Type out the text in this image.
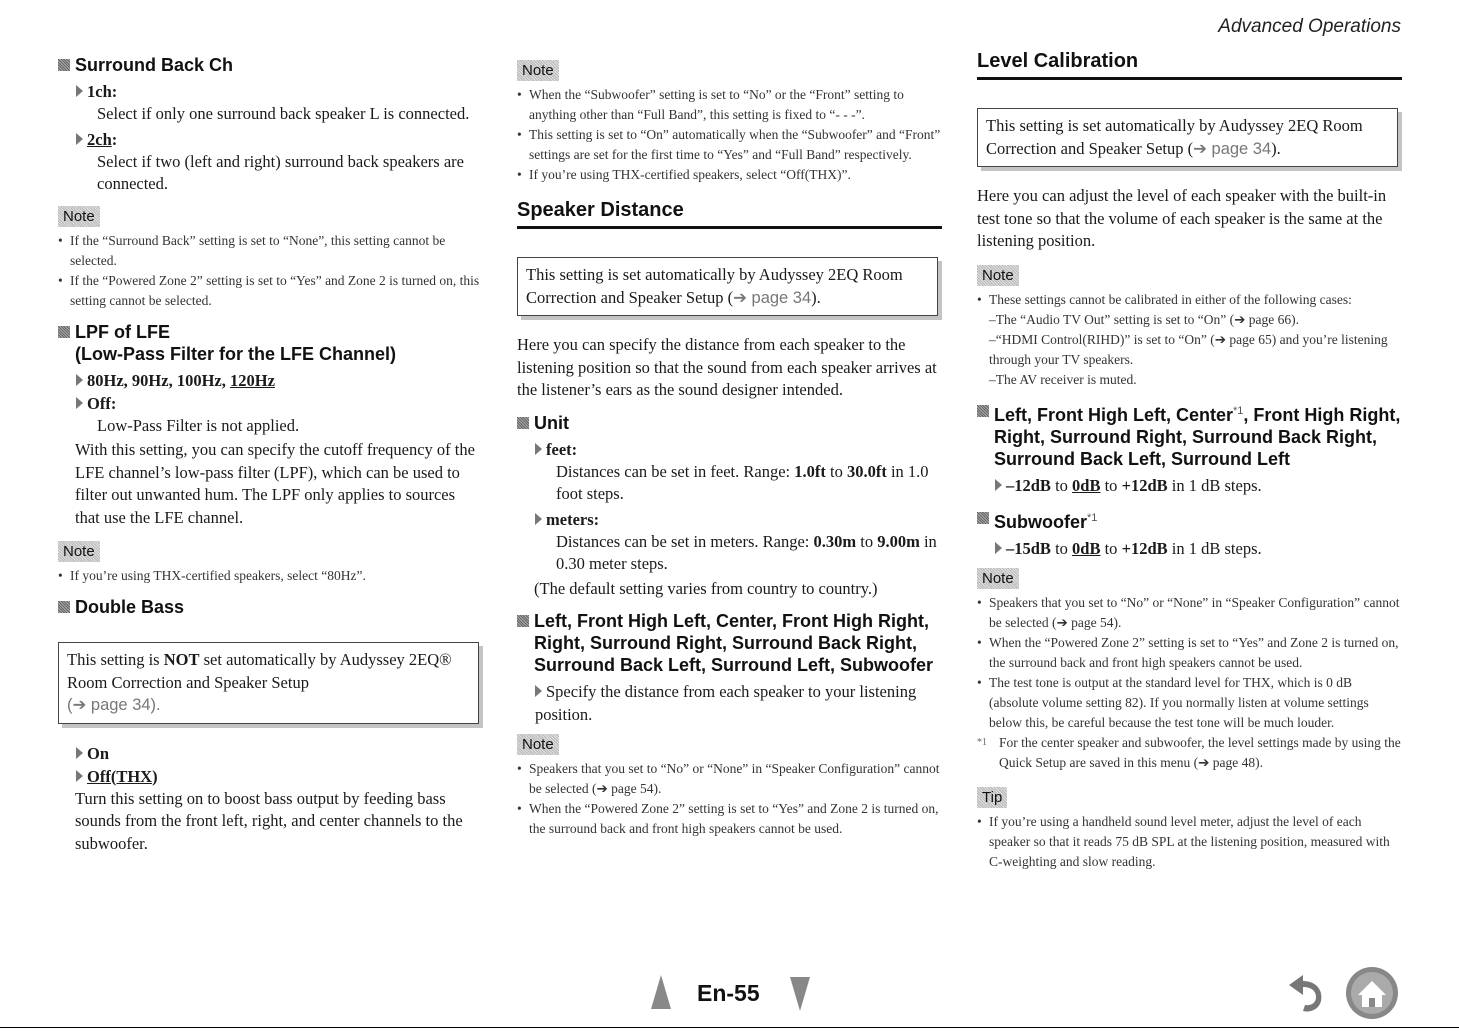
Advanced Operations
Surround Back Ch
1ch:
Select if only one surround back speaker L is connected.
2ch:
Select if two (left and right) surround back speakers are connected.
Note
• If the “Surround Back” setting is set to “None”, this setting cannot be selected.
• If the “Powered Zone 2” setting is set to “Yes” and Zone 2 is turned on, this setting cannot be selected.
LPF of LFE
(Low-Pass Filter for the LFE Channel)
80Hz, 90Hz, 100Hz, 120Hz
Off:
Low-Pass Filter is not applied.
With this setting, you can specify the cutoff frequency of the LFE channel’s low-pass filter (LPF), which can be used to filter out unwanted hum. The LPF only applies to sources that use the LFE channel.
Note
• If you’re using THX-certified speakers, select “80Hz”.
Double Bass
This setting is NOT set automatically by Audyssey 2EQ® Room Correction and Speaker Setup
(➔ page 34).
On
Off(THX)
Turn this setting on to boost bass output by feeding bass sounds from the front left, right, and center channels to the subwoofer.
Note
• When the “Subwoofer” setting is set to “No” or the “Front” setting to anything other than “Full Band”, this setting is fixed to “- - -”.
• This setting is set to “On” automatically when the “Subwoofer” and “Front” settings are set for the first time to “Yes” and “Full Band” respectively.
• If you’re using THX-certified speakers, select “Off(THX)”.
Speaker Distance
This setting is set automatically by Audyssey 2EQ Room Correction and Speaker Setup (➔ page 34).
Here you can specify the distance from each speaker to the listening position so that the sound from each speaker arrives at the listener’s ears as the sound designer intended.
Unit
feet:
Distances can be set in feet. Range: 1.0ft to 30.0ft in 1.0 foot steps.
meters:
Distances can be set in meters. Range: 0.30m to 9.00m in 0.30 meter steps.
(The default setting varies from country to country.)
Left, Front High Left, Center, Front High Right,
Right, Surround Right, Surround Back Right,
Surround Back Left, Surround Left, Subwoofer
Specify the distance from each speaker to your listening position.
Note
• Speakers that you set to “No” or “None” in “Speaker Configuration” cannot be selected (➔ page 54).
• When the “Powered Zone 2” setting is set to “Yes” and Zone 2 is turned on, the surround back and front high speakers cannot be used.
Level Calibration
This setting is set automatically by Audyssey 2EQ Room Correction and Speaker Setup (➔ page 34).
Here you can adjust the level of each speaker with the built-in test tone so that the volume of each speaker is the same at the listening position.
Note
• These settings cannot be calibrated in either of the following cases:
–The “Audio TV Out” setting is set to “On” (➔ page 66).
–“HDMI Control(RIHD)” is set to “On” (➔ page 65) and you’re listening through your TV speakers.
–The AV receiver is muted.
Left, Front High Left, Center$^{*1}$, Front High Right,
Right, Surround Right, Surround Back Right,
Surround Back Left, Surround Left
–12dB to 0dB to +12dB in 1 dB steps.
Subwoofer$^{*1}$
–15dB to 0dB to +12dB in 1 dB steps.
Note
• Speakers that you set to “No” or “None” in “Speaker Configuration” cannot be selected (➔ page 54).
• When the “Powered Zone 2” setting is set to “Yes” and Zone 2 is turned on, the surround back and front high speakers cannot be used.
• The test tone is output at the standard level for THX, which is 0 dB (absolute volume setting 82). If you normally listen at volume settings below this, be careful because the test tone will be much louder.
*1 For the center speaker and subwoofer, the level settings made by using the Quick Setup are saved in this menu (➔ page 48).
Tip
• If you’re using a handheld sound level meter, adjust the level of each speaker so that it reads 75 dB SPL at the listening position, measured with C-weighting and slow reading.
En-55
